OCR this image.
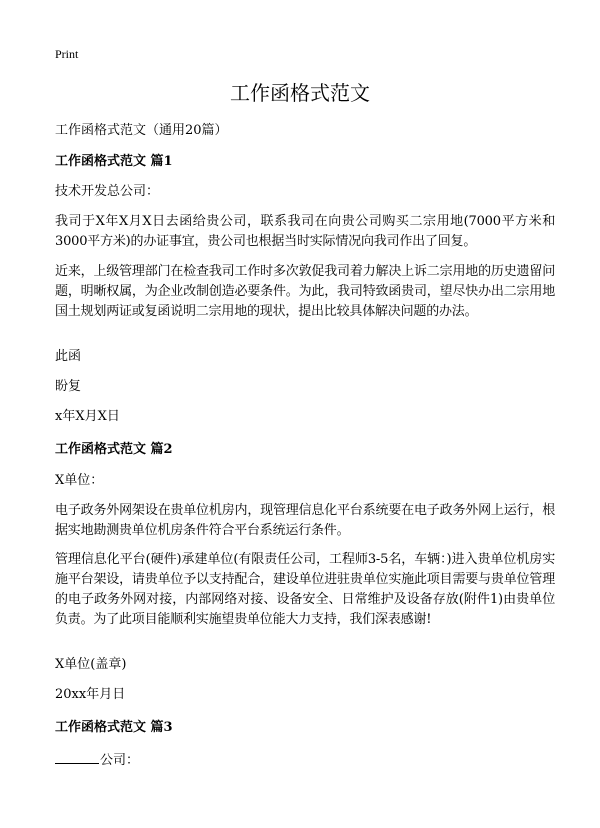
Print
工作函格式范文
工作函格式范文（通用20篇）
工作函格式范文 篇1
技术开发总公司：
我司于X年X月X日去函给贵公司，联系我司在向贵公司购买二宗用地(7000平方米和3000平方米)的办证事宜，贵公司也根据当时实际情况向我司作出了回复。
近来，上级管理部门在检查我司工作时多次敦促我司着力解决上诉二宗用地的历史遗留问题，明晰权属，为企业改制创造必要条件。为此，我司特致函贵司，望尽快办出二宗用地国土规划两证或复函说明二宗用地的现状，提出比较具体解决问题的办法。
此函
盼复
x年X月X日
工作函格式范文 篇2
X单位：
电子政务外网架设在贵单位机房内，现管理信息化平台系统要在电子政务外网上运行，根据实地勘测贵单位机房条件符合平台系统运行条件。
管理信息化平台(硬件)承建单位(有限责任公司，工程师3-5名，车辆：)进入贵单位机房实施平台架设，请贵单位予以支持配合，建设单位进驻贵单位实施此项目需要与贵单位管理的电子政务外网对接，内部网络对接、设备安全、日常维护及设备存放(附件1)由贵单位负责。为了此项目能顺利实施望贵单位能大力支持，我们深表感谢!
X单位(盖章)
20xx年月日
工作函格式范文 篇3
公司：
